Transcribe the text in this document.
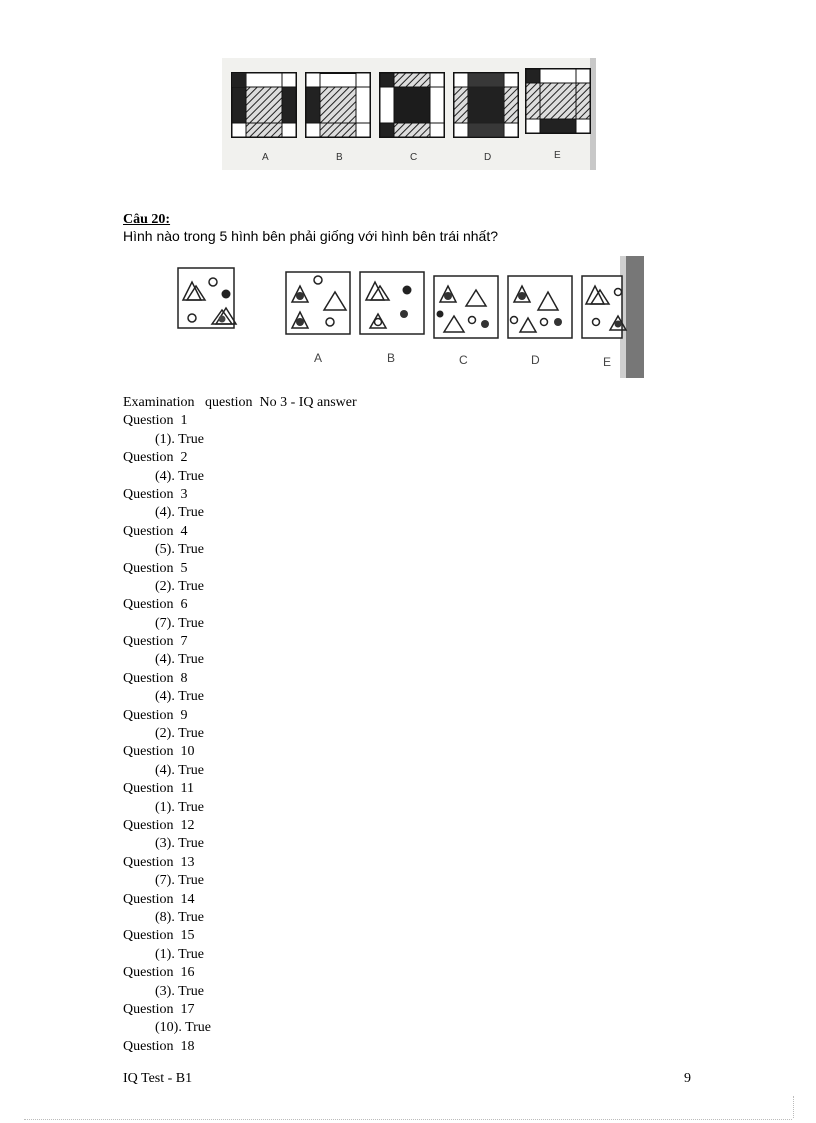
A	B	C	D	E
Câu 20:
Hình nào trong 5 hình bên phải giống với hình bên trái nhất?
A	B	C	D	E
Examination   question  No 3 - IQ answer
Question  1
(1). True
Question  2
(4). True
Question  3
(4). True
Question  4
(5). True
Question  5
(2). True
Question  6
(7). True
Question  7
(4). True
Question  8
(4). True
Question  9
(2). True
Question  10
(4). True
Question  11
(1). True
Question  12
(3). True
Question  13
(7). True
Question  14
(8). True
Question  15
(1). True
Question  16
(3). True
Question  17
(10). True
Question  18
IQ Test - B1	9
